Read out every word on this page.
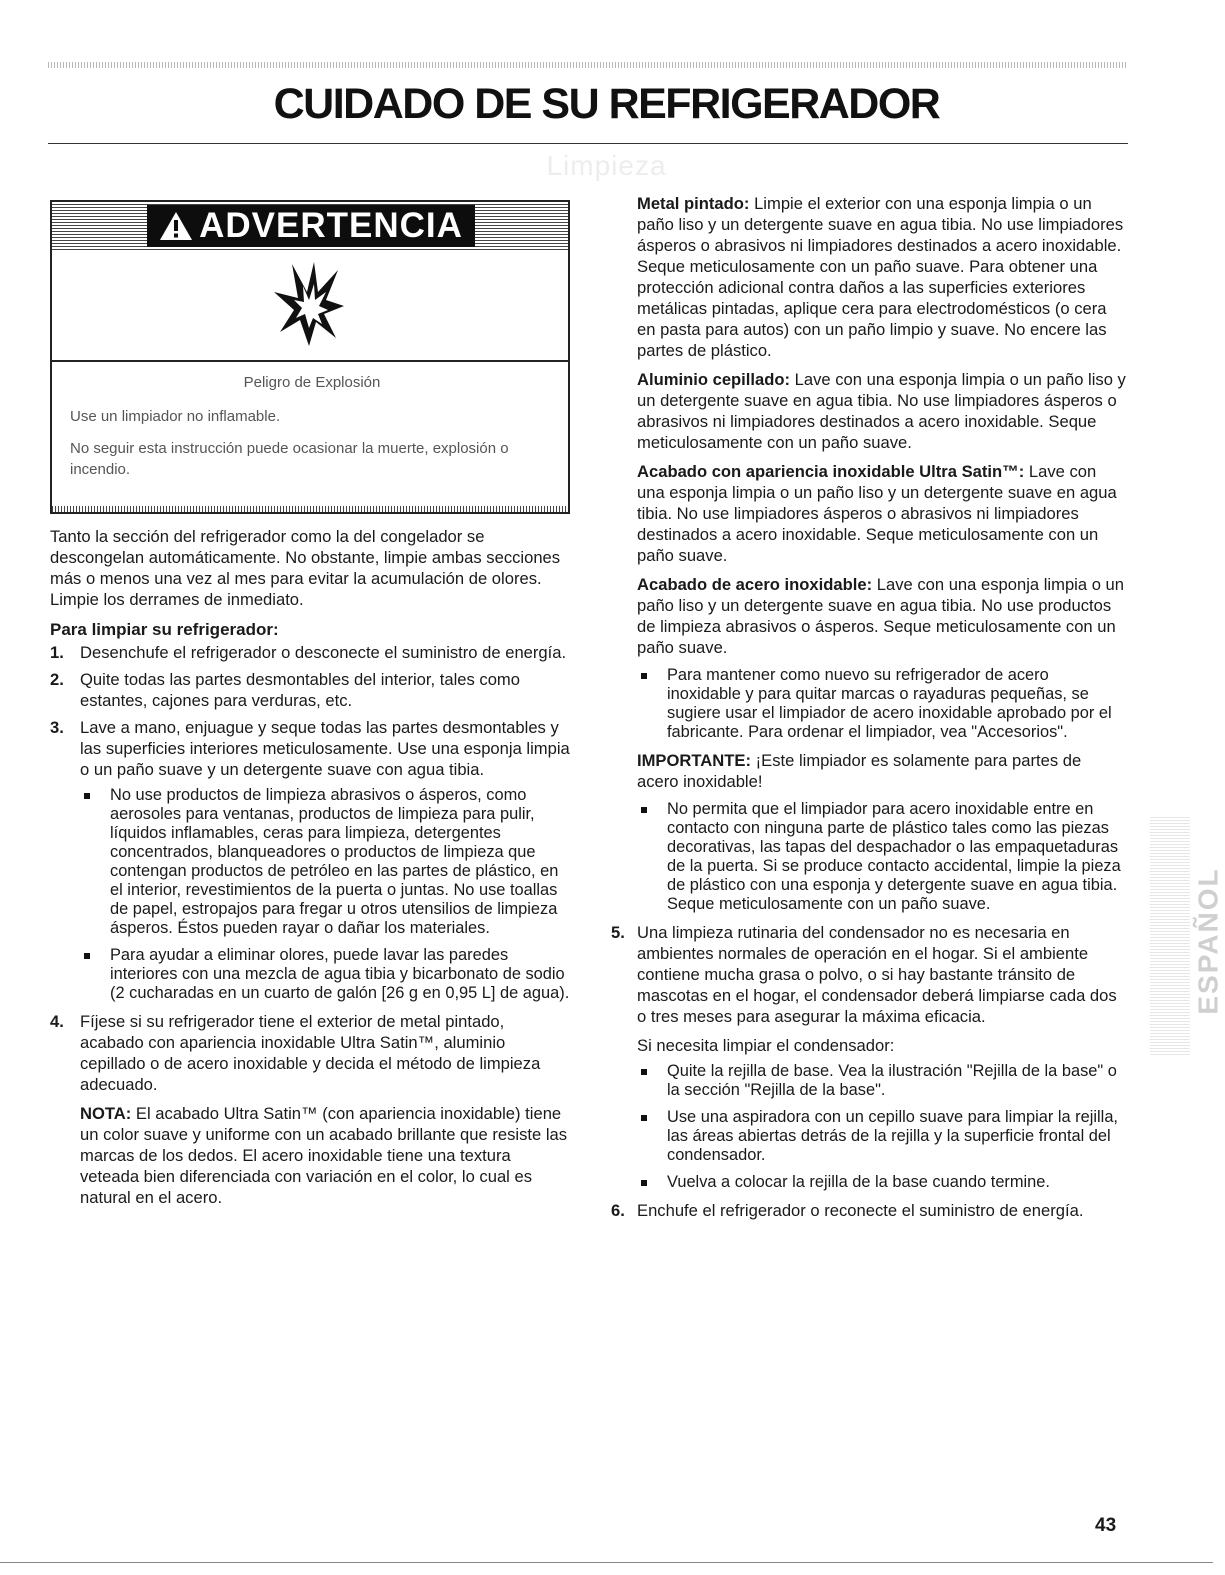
CUIDADO DE SU REFRIGERADOR
Limpieza
ADVERTENCIA

Peligro de Explosión

Use un limpiador no inflamable.

No seguir esta instrucción puede ocasionar la muerte, explosión o incendio.

Tanto la sección del refrigerador como la del congelador se descongelan automáticamente. No obstante, limpie ambas secciones más o menos una vez al mes para evitar la acumulación de olores. Limpie los derrames de inmediato.

Para limpiar su refrigerador:

1. Desenchufe el refrigerador o desconecte el suministro de energía.
2. Quite todas las partes desmontables del interior, tales como estantes, cajones para verduras, etc.
3. Lave a mano, enjuague y seque todas las partes desmontables y las superficies interiores meticulosamente. Use una esponja limpia o un paño suave y un detergente suave con agua tibia.
No use productos de limpieza abrasivos o ásperos, como aerosoles para ventanas, productos de limpieza para pulir, líquidos inflamables, ceras para limpieza, detergentes concentrados, blanqueadores o productos de limpieza que contengan productos de petróleo en las partes de plástico, en el interior, revestimientos de la puerta o juntas. No use toallas de papel, estropajos para fregar u otros utensilios de limpieza ásperos. Éstos pueden rayar o dañar los materiales.
Para ayudar a eliminar olores, puede lavar las paredes interiores con una mezcla de agua tibia y bicarbonato de sodio (2 cucharadas en un cuarto de galón [26 g en 0,95 L] de agua).
4. Fíjese si su refrigerador tiene el exterior de metal pintado, acabado con apariencia inoxidable Ultra Satin™, aluminio cepillado o de acero inoxidable y decida el método de limpieza adecuado.

NOTA: El acabado Ultra Satin™ (con apariencia inoxidable) tiene un color suave y uniforme con un acabado brillante que resiste las marcas de los dedos. El acero inoxidable tiene una textura veteada bien diferenciada con variación en el color, lo cual es natural en el acero.

Metal pintado: Limpie el exterior con una esponja limpia o un paño liso y un detergente suave en agua tibia. No use limpiadores ásperos o abrasivos ni limpiadores destinados a acero inoxidable. Seque meticulosamente con un paño suave. Para obtener una protección adicional contra daños a las superficies exteriores metálicas pintadas, aplique cera para electrodomésticos (o cera en pasta para autos) con un paño limpio y suave. No encere las partes de plástico.

Aluminio cepillado: Lave con una esponja limpia o un paño liso y un detergente suave en agua tibia. No use limpiadores ásperos o abrasivos ni limpiadores destinados a acero inoxidable. Seque meticulosamente con un paño suave.

Acabado con apariencia inoxidable Ultra Satin™: Lave con una esponja limpia o un paño liso y un detergente suave en agua tibia. No use limpiadores ásperos o abrasivos ni limpiadores destinados a acero inoxidable. Seque meticulosamente con un paño suave.

Acabado de acero inoxidable: Lave con una esponja limpia o un paño liso y un detergente suave en agua tibia. No use productos de limpieza abrasivos o ásperos. Seque meticulosamente con un paño suave.

Para mantener como nuevo su refrigerador de acero inoxidable y para quitar marcas o rayaduras pequeñas, se sugiere usar el limpiador de acero inoxidable aprobado por el fabricante. Para ordenar el limpiador, vea "Accesorios".

IMPORTANTE: ¡Este limpiador es solamente para partes de acero inoxidable!

No permita que el limpiador para acero inoxidable entre en contacto con ninguna parte de plástico tales como las piezas decorativas, las tapas del despachador o las empaquetaduras de la puerta. Si se produce contacto accidental, limpie la pieza de plástico con una esponja y detergente suave en agua tibia. Seque meticulosamente con un paño suave.
5. Una limpieza rutinaria del condensador no es necesaria en ambientes normales de operación en el hogar. Si el ambiente contiene mucha grasa o polvo, o si hay bastante tránsito de mascotas en el hogar, el condensador deberá limpiarse cada dos o tres meses para asegurar la máxima eficacia.

Si necesita limpiar el condensador:

Quite la rejilla de base. Vea la ilustración "Rejilla de la base" o la sección "Rejilla de la base".
Use una aspiradora con un cepillo suave para limpiar la rejilla, las áreas abiertas detrás de la rejilla y la superficie frontal del condensador.
Vuelva a colocar la rejilla de la base cuando termine.
6. Enchufe el refrigerador o reconecte el suministro de energía.
ESPAÑOL
43
